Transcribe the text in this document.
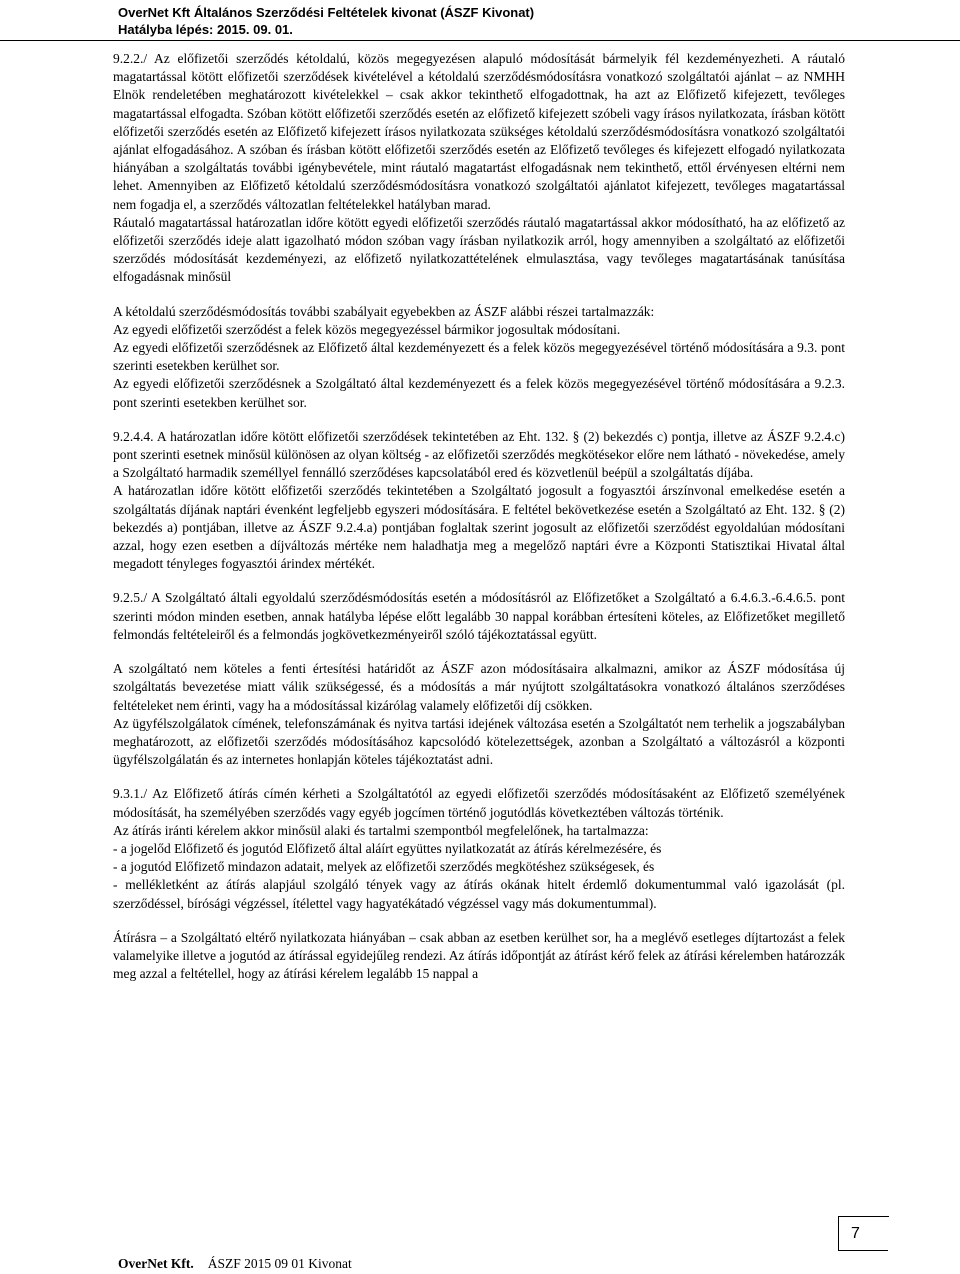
OverNet Kft Általános Szerződési Feltételek kivonat (ÁSZF Kivonat)
Hatályba lépés: 2015. 09. 01.

9.2.2./ Az előfizetői szerződés kétoldalú, közös megegyezésen alapuló módosítását bármelyik fél kezdeményezheti. A ráutaló magatartással kötött előfizetői szerződések kivételével a kétoldalú szerződésmódosításra vonatkozó szolgáltatói ajánlat – az NMHH Elnök rendeletében meghatározott kivételekkel – csak akkor tekinthető elfogadottnak, ha azt az Előfizető kifejezett, tevőleges magatartással elfogadta. Szóban kötött előfizetői szerződés esetén az előfizető kifejezett szóbeli vagy írásos nyilatkozata, írásban kötött előfizetői szerződés esetén az Előfizető kifejezett írásos nyilatkozata szükséges kétoldalú szerződésmódosításra vonatkozó szolgáltatói ajánlat elfogadásához. A szóban és írásban kötött előfizetői szerződés esetén az Előfizető tevőleges és kifejezett elfogadó nyilatkozata hiányában a szolgáltatás további igénybevétele, mint ráutaló magatartást elfogadásnak nem tekinthető, ettől érvényesen eltérni nem lehet. Amennyiben az Előfizető kétoldalú szerződésmódosításra vonatkozó szolgáltatói ajánlatot kifejezett, tevőleges magatartással nem fogadja el, a szerződés változatlan feltételekkel hatályban marad.

Ráutaló magatartással határozatlan időre kötött egyedi előfizetői szerződés ráutaló magatartással akkor módosítható, ha az előfizető az előfizetői szerződés ideje alatt igazolható módon szóban vagy írásban nyilatkozik arról, hogy amennyiben a szolgáltató az előfizetői szerződés módosítását kezdeményezi, az előfizető nyilatkozattételének elmulasztása, vagy tevőleges magatartásának tanúsítása elfogadásnak minősül

A kétoldalú szerződésmódosítás további szabályait egyebekben az ÁSZF alábbi részei tartalmazzák:

Az egyedi előfizetői szerződést a felek közös megegyezéssel bármikor jogosultak módosítani.

Az egyedi előfizetői szerződésnek az Előfizető által kezdeményezett és a felek közös megegyezésével történő módosítására a 9.3. pont szerinti esetekben kerülhet sor.

Az egyedi előfizetői szerződésnek a Szolgáltató által kezdeményezett és a felek közös megegyezésével történő módosítására a 9.2.3. pont szerinti esetekben kerülhet sor.

9.2.4.4. A határozatlan időre kötött előfizetői szerződések tekintetében az Eht. 132. § (2) bekezdés c) pontja, illetve az ÁSZF 9.2.4.c) pont szerinti esetnek minősül különösen az olyan költség - az előfizetői szerződés megkötésekor előre nem látható - növekedése, amely a Szolgáltató harmadik személlyel fennálló szerződéses kapcsolatából ered és közvetlenül beépül a szolgáltatás díjába.

A határozatlan időre kötött előfizetői szerződés tekintetében a Szolgáltató jogosult a fogyasztói árszínvonal emelkedése esetén a szolgáltatás díjának naptári évenként legfeljebb egyszeri módosítására. E feltétel bekövetkezése esetén a Szolgáltató az Eht. 132. § (2) bekezdés a) pontjában, illetve az ÁSZF 9.2.4.a) pontjában foglaltak szerint jogosult az előfizetői szerződést egyoldalúan módosítani azzal, hogy ezen esetben a díjváltozás mértéke nem haladhatja meg a megelőző naptári évre a Központi Statisztikai Hivatal által megadott tényleges fogyasztói árindex mértékét.

9.2.5./ A Szolgáltató általi egyoldalú szerződésmódosítás esetén a módosításról az Előfizetőket a Szolgáltató a 6.4.6.3.-6.4.6.5. pont szerinti módon minden esetben, annak hatályba lépése előtt legalább 30 nappal korábban értesíteni köteles, az Előfizetőket megillető felmondás feltételeiről és a felmondás jogkövetkezményeiről szóló tájékoztatással együtt.

A szolgáltató nem köteles a fenti értesítési határidőt az ÁSZF azon módosításaira alkalmazni, amikor az ÁSZF módosítása új szolgáltatás bevezetése miatt válik szükségessé, és a módosítás a már nyújtott szolgáltatásokra vonatkozó általános szerződéses feltételeket nem érinti, vagy ha a módosítással kizárólag valamely előfizetői díj csökken.

Az ügyfélszolgálatok címének, telefonszámának és nyitva tartási idejének változása esetén a Szolgáltatót nem terhelik a jogszabályban meghatározott, az előfizetői szerződés módosításához kapcsolódó kötelezettségek, azonban a Szolgáltató a változásról a központi ügyfélszolgálatán és az internetes honlapján köteles tájékoztatást adni.

9.3.1./ Az Előfizető átírás címén kérheti a Szolgáltatótól az egyedi előfizetői szerződés módosításaként az Előfizető személyének módosítását, ha személyében szerződés vagy egyéb jogcímen történő jogutódlás következtében változás történik.

Az átírás iránti kérelem akkor minősül alaki és tartalmi szempontból megfelelőnek, ha tartalmazza:

- a jogelőd Előfizető és jogutód Előfizető által aláírt együttes nyilatkozatát az átírás kérelmezésére, és

- a jogutód Előfizető mindazon adatait, melyek az előfizetői szerződés megkötéshez szükségesek, és

- mellékletként az átírás alapjául szolgáló tények vagy az átírás okának hitelt érdemlő dokumentummal való igazolását (pl. szerződéssel, bírósági végzéssel, ítélettel vagy hagyatékátadó végzéssel vagy más dokumentummal).

Átírásra – a Szolgáltató eltérő nyilatkozata hiányában – csak abban az esetben kerülhet sor, ha a meglévő esetleges díjtartozást a felek valamelyike illetve a jogutód az átírással egyidejűleg rendezi. Az átírás időpontját az átírást kérő felek az átírási kérelemben határozzák meg azzal a feltétellel, hogy az átírási kérelem legalább 15 nappal a

7
OverNet Kft. ÁSZF 2015 09 01 Kivonat
